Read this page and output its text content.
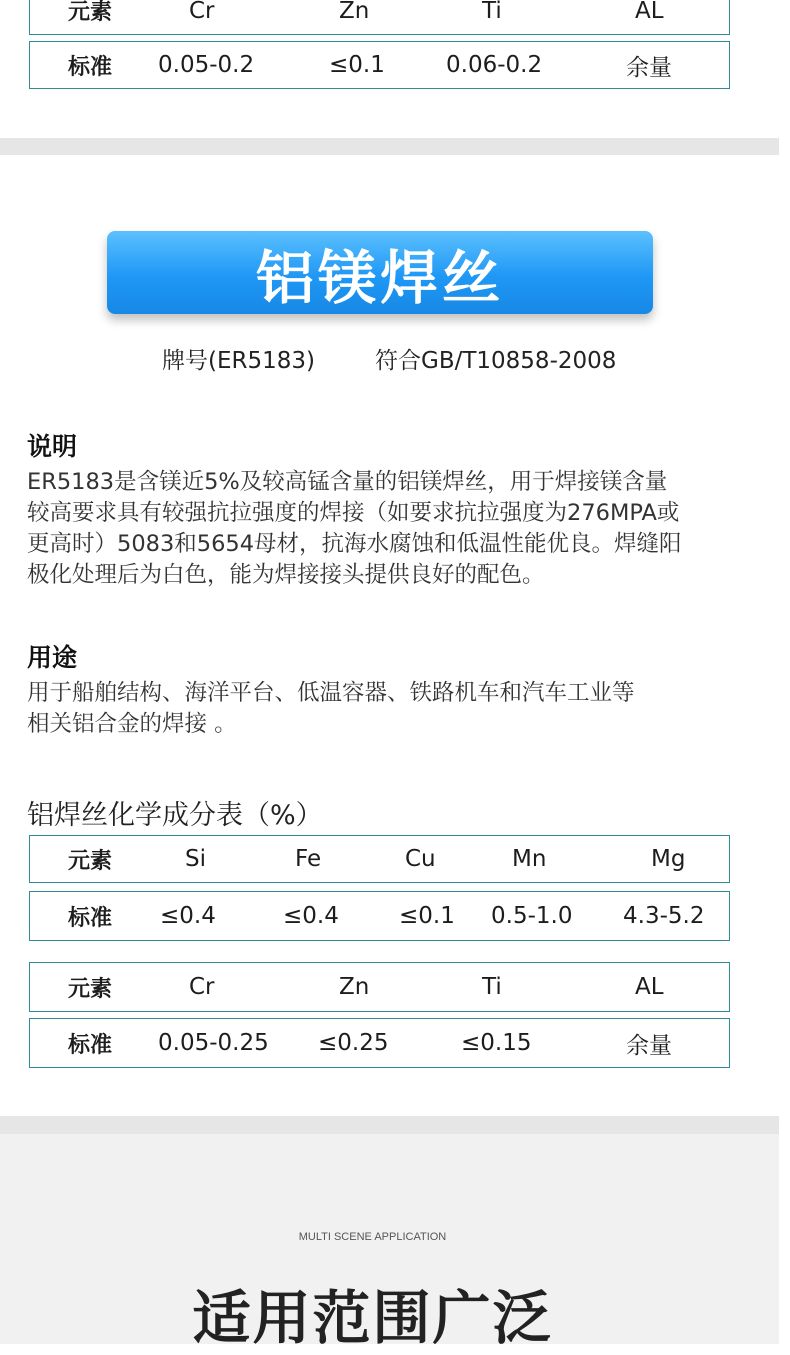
元素	Cr	Zn	Ti	AL
标准 0.05-0.2	≤0.1	0.06-0.2	余量
铝镁焊丝
牌号(ER5183)	符合GB/T10858-2008
说明
ER5183是含镁近5%及较高锰含量的铝镁焊丝，用于焊接镁含量
较高要求具有较强抗拉强度的焊接（如要求抗拉强度为276MPA或
更高时）5083和5654母材，抗海水腐蚀和低温性能优良。焊缝阳
极化处理后为白色，能为焊接接头提供良好的配色。
用途
用于船舶结构、海洋平台、低温容器、铁路机车和汽车工业等
相关铝合金的焊接 。
铝焊丝化学成分表（%）
元素	Si	Fe	Cu	Mn	Mg
标准 ≤0.4	≤0.4	≤0.1 0.5-1.0 4.3-5.2
元素	Cr	Zn	Ti	AL
标准 0.05-0.25 ≤0.25	≤0.15	余量
MULTI SCENE APPLICATION
适用范围广泛
